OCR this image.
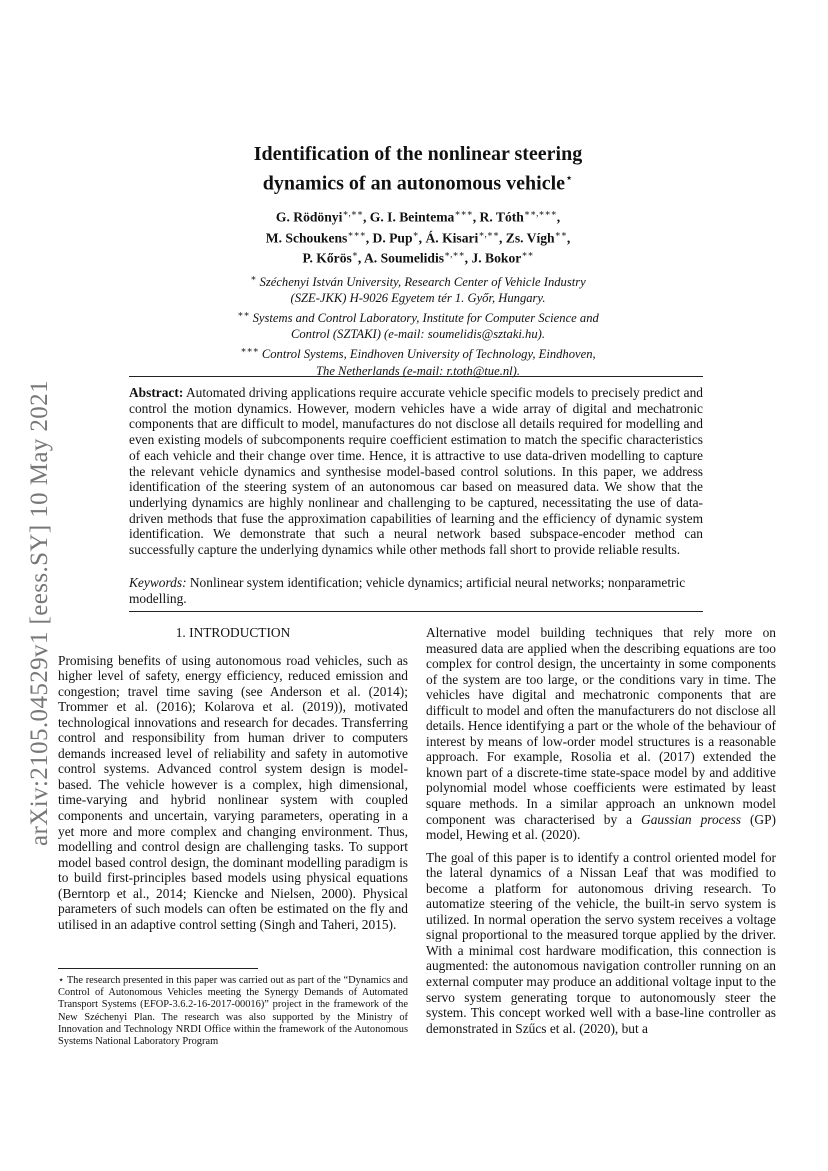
arXiv:2105.04529v1 [eess.SY] 10 May 2021
Identification of the nonlinear steering
dynamics of an autonomous vehicle⋆
G. Rödönyi∗,∗∗, G. I. Beintema∗∗∗, R. Tóth∗∗,∗∗∗,
M. Schoukens∗∗∗, D. Pup∗, Á. Kisari∗,∗∗, Zs. Vígh∗∗,
P. Kőrös∗, A. Soumelidis∗,∗∗, J. Bokor∗∗
∗ Széchenyi István University, Research Center of Vehicle Industry
(SZE-JKK) H-9026 Egyetem tér 1. Győr, Hungary.
∗∗ Systems and Control Laboratory, Institute for Computer Science and
Control (SZTAKI) (e-mail: soumelidis@sztaki.hu).
∗∗∗ Control Systems, Eindhoven University of Technology, Eindhoven,
The Netherlands (e-mail: r.toth@tue.nl).
Abstract: Automated driving applications require accurate vehicle specific models to precisely predict and control the motion dynamics. However, modern vehicles have a wide array of digital and mechatronic components that are difficult to model, manufactures do not disclose all details required for modelling and even existing models of subcomponents require coefficient estimation to match the specific characteristics of each vehicle and their change over time. Hence, it is attractive to use data-driven modelling to capture the relevant vehicle dynamics and synthesise model-based control solutions. In this paper, we address identification of the steering system of an autonomous car based on measured data. We show that the underlying dynamics are highly nonlinear and challenging to be captured, necessitating the use of data-driven methods that fuse the approximation capabilities of learning and the efficiency of dynamic system identification. We demonstrate that such a neural network based subspace-encoder method can successfully capture the underlying dynamics while other methods fall short to provide reliable results.
Keywords: Nonlinear system identification; vehicle dynamics; artificial neural networks; nonparametric modelling.
1. INTRODUCTION

Promising benefits of using autonomous road vehicles, such as higher level of safety, energy efficiency, reduced emission and congestion; travel time saving (see Anderson et al. (2014); Trommer et al. (2016); Kolarova et al. (2019)), motivated technological innovations and research for decades. Transferring control and responsibility from human driver to computers demands increased level of reliability and safety in automotive control systems. Advanced control system design is model-based. The vehicle however is a complex, high dimensional, time-varying and hybrid nonlinear system with coupled components and uncertain, varying parameters, operating in a yet more and more complex and changing environment. Thus, modelling and control design are challenging tasks. To support model based control design, the dominant modelling paradigm is to build first-principles based models using physical equations (Berntorp et al., 2014; Kiencke and Nielsen, 2000). Physical parameters of such models can often be estimated on the fly and utilised in an adaptive control setting (Singh and Taheri, 2015).

Alternative model building techniques that rely more on measured data are applied when the describing equations are too complex for control design, the uncertainty in some components of the system are too large, or the conditions vary in time. The vehicles have digital and mechatronic components that are difficult to model and often the manufacturers do not disclose all details. Hence identifying a part or the whole of the behaviour of interest by means of low-order model structures is a reasonable approach. For example, Rosolia et al. (2017) extended the known part of a discrete-time state-space model by and additive polynomial model whose coefficients were estimated by least square methods. In a similar approach an unknown model component was characterised by a Gaussian process (GP) model, Hewing et al. (2020).

The goal of this paper is to identify a control oriented model for the lateral dynamics of a Nissan Leaf that was modified to become a platform for autonomous driving research. To automatize steering of the vehicle, the built-in servo system is utilized. In normal operation the servo system receives a voltage signal proportional to the measured torque applied by the driver. With a minimal cost hardware modification, this connection is augmented: the autonomous navigation controller running on an external computer may produce an additional voltage input to the servo system generating torque to autonomously steer the system. This concept worked well with a base-line controller as demonstrated in Szűcs et al. (2020), but a

⋆ The research presented in this paper was carried out as part of the “Dynamics and Control of Autonomous Vehicles meeting the Synergy Demands of Automated Transport Systems (EFOP-3.6.2-16-2017-00016)” project in the framework of the New Széchenyi Plan. The research was also supported by the Ministry of Innovation and Technology NRDI Office within the framework of the Autonomous Systems National Laboratory Program
